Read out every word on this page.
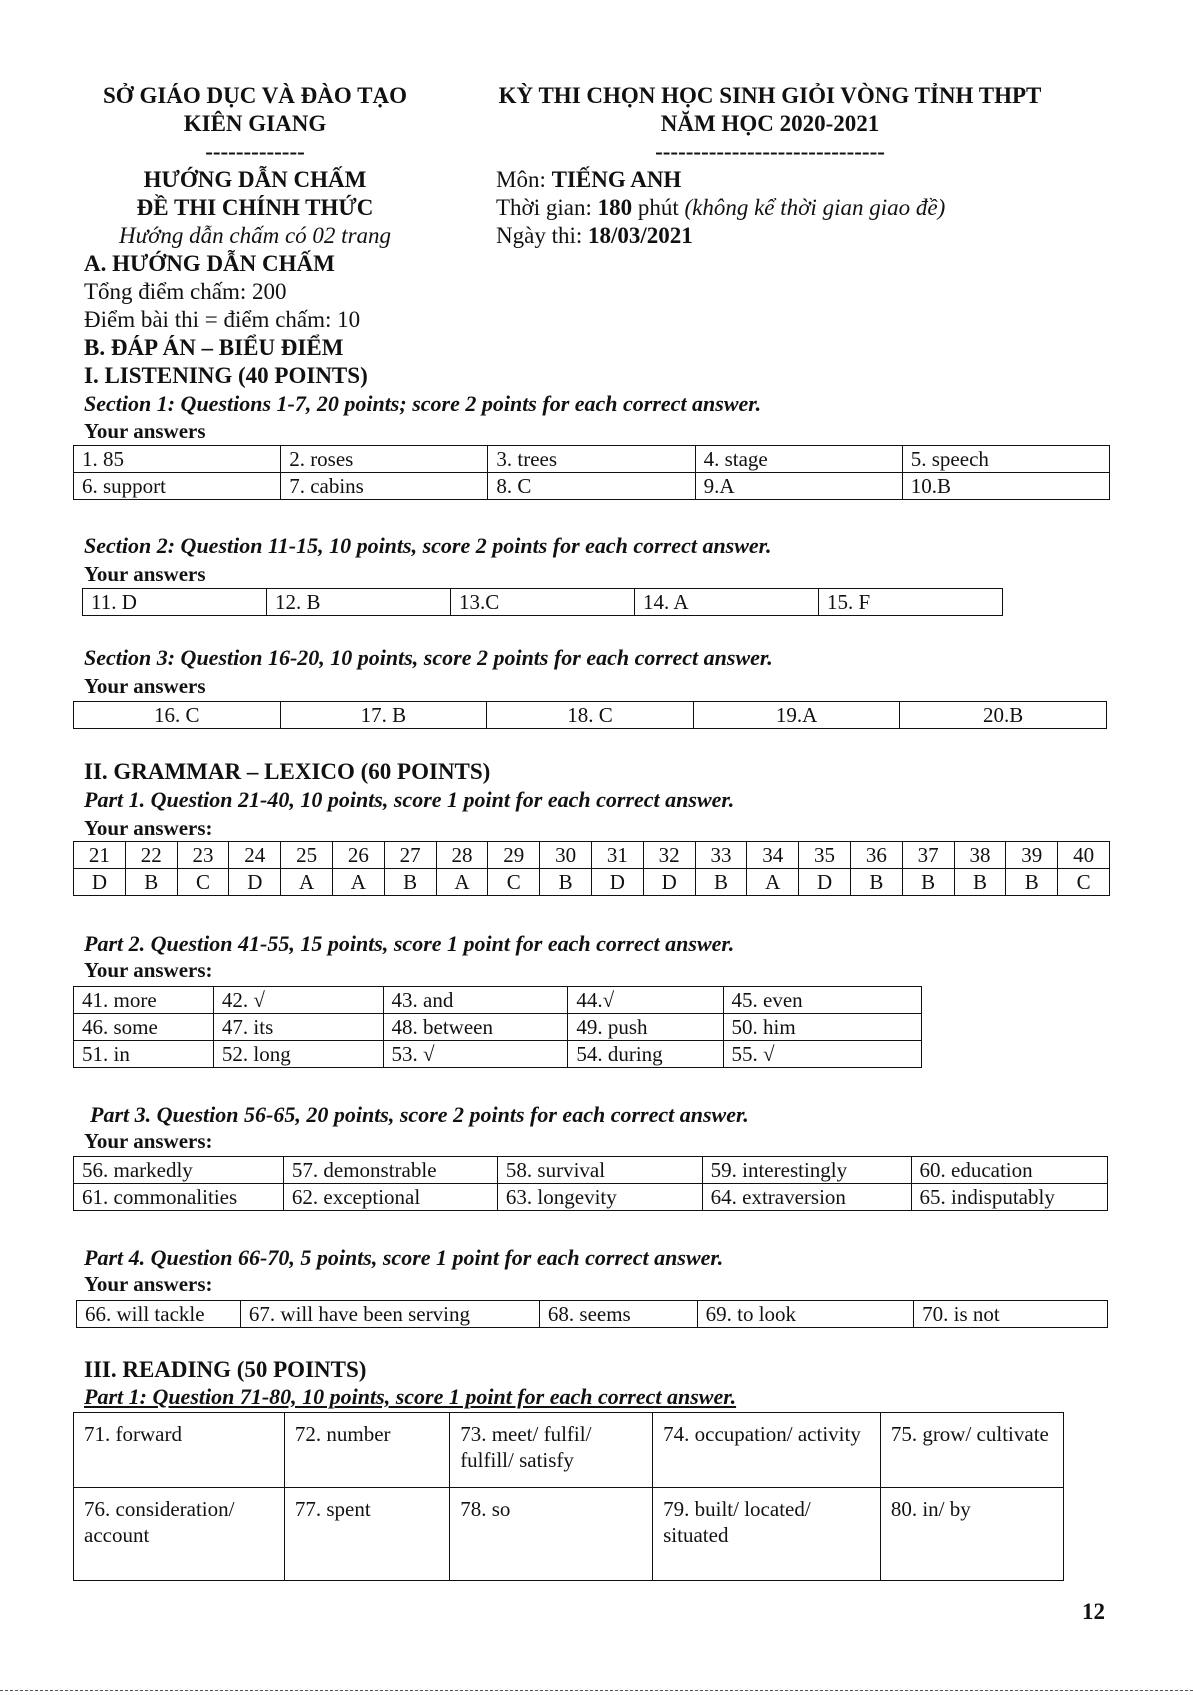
SỞ GIÁO DỤC VÀ ĐÀO TẠO
KIÊN GIANG
-------------
KỲ THI CHỌN HỌC SINH GIỎI VÒNG TỈNH THPT
NĂM HỌC 2020-2021
------------------------------
HƯỚNG DẪN CHẤM
ĐỀ THI CHÍNH THỨC
Hướng dẫn chấm có 02 trang
Môn: TIẾNG ANH
Thời gian: 180 phút (không kể thời gian giao đề)
Ngày thi: 18/03/2021
A. HƯỚNG DẪN CHẤM
Tổng điểm chấm: 200
Điểm bài thi = điểm chấm: 10
B. ĐÁP ÁN – BIỂU ĐIỂM
I. LISTENING (40 POINTS)
Section 1: Questions 1-7, 20 points; score 2 points for each correct answer.
Your answers
1. 85	2. roses	3. trees	4. stage	5. speech
6. support	7. cabins	8. C	9.A	10.B
Section 2: Question 11-15, 10 points, score 2 points for each correct answer.
Your answers
11. D	12. B	13.C	14. A	15. F
Section 3: Question 16-20, 10 points, score 2 points for each correct answer.
Your answers
16. C	17. B	18. C	19.A	20.B
II. GRAMMAR – LEXICO (60 POINTS)
Part 1. Question 21-40, 10 points, score 1 point for each correct answer.
Your answers:
21	22	23	24	25	26	27	28	29	30	31	32	33	34	35	36	37	38	39	40
D	B	C	D	A	A	B	A	C	B	D	D	B	A	D	B	B	B	B	C
Part 2. Question 41-55, 15 points, score 1 point for each correct answer.
Your answers:
41. more	42. √	43. and	44.√	45. even
46. some	47. its	48. between	49. push	50. him
51. in	52. long	53. √	54. during	55. √
Part 3. Question 56-65, 20 points, score 2 points for each correct answer.
Your answers:
56. markedly	57. demonstrable	58. survival	59. interestingly	60. education
61. commonalities	62. exceptional	63. longevity	64. extraversion	65. indisputably
Part 4. Question 66-70, 5 points, score 1 point for each correct answer.
Your answers:
66. will tackle	67. will have been serving	68. seems	69. to look	70. is not
III. READING (50 POINTS)
Part 1: Question 71-80, 10 points, score 1 point for each correct answer.
71. forward	72. number	73. meet/ fulfil/ fulfill/ satisfy	74. occupation/ activity	75. grow/ cultivate
76. consideration/ account	77. spent	78. so	79. built/ located/ situated	80. in/ by
12
